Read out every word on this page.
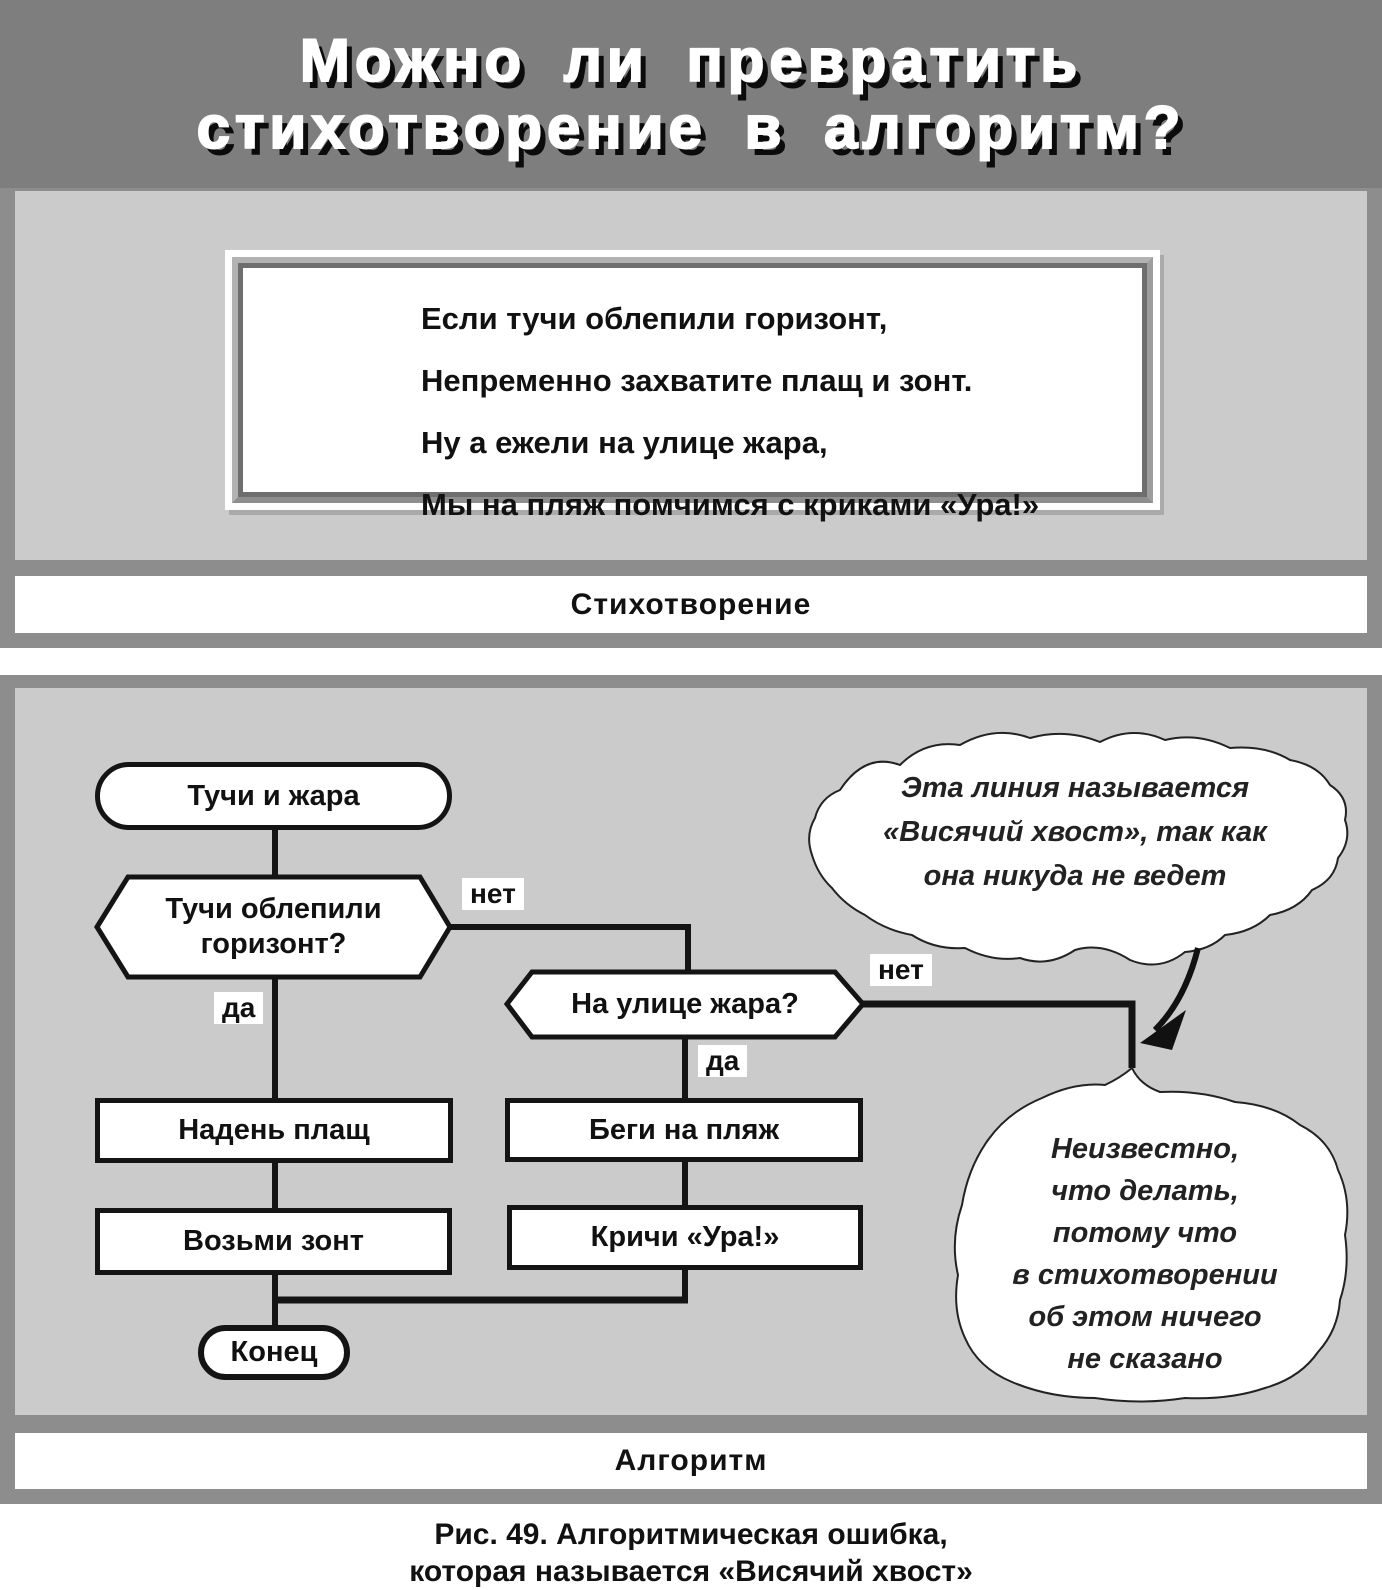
Можно ли превратить
стихотворение в алгоритм?
Если тучи облепили горизонт,
Непременно захватите плащ и зонт.
Ну а ежели на улице жара,
Мы на пляж помчимся с криками «Ура!»
Стихотворение
Тучи и жара
Тучи облепили
горизонт?
На улице жара?
нет
да
нет
да
Надень плащ
Возьми зонт
Беги на пляж
Кричи «Ура!»
Конец
Эта линия называется
«Висячий хвост», так как
она никуда не ведет
Неизвестно,
что делать,
потому что
в стихотворении
об этом ничего
не сказано
Алгоритм
Рис. 49. Алгоритмическая ошибка,
которая называется «Висячий хвост»
